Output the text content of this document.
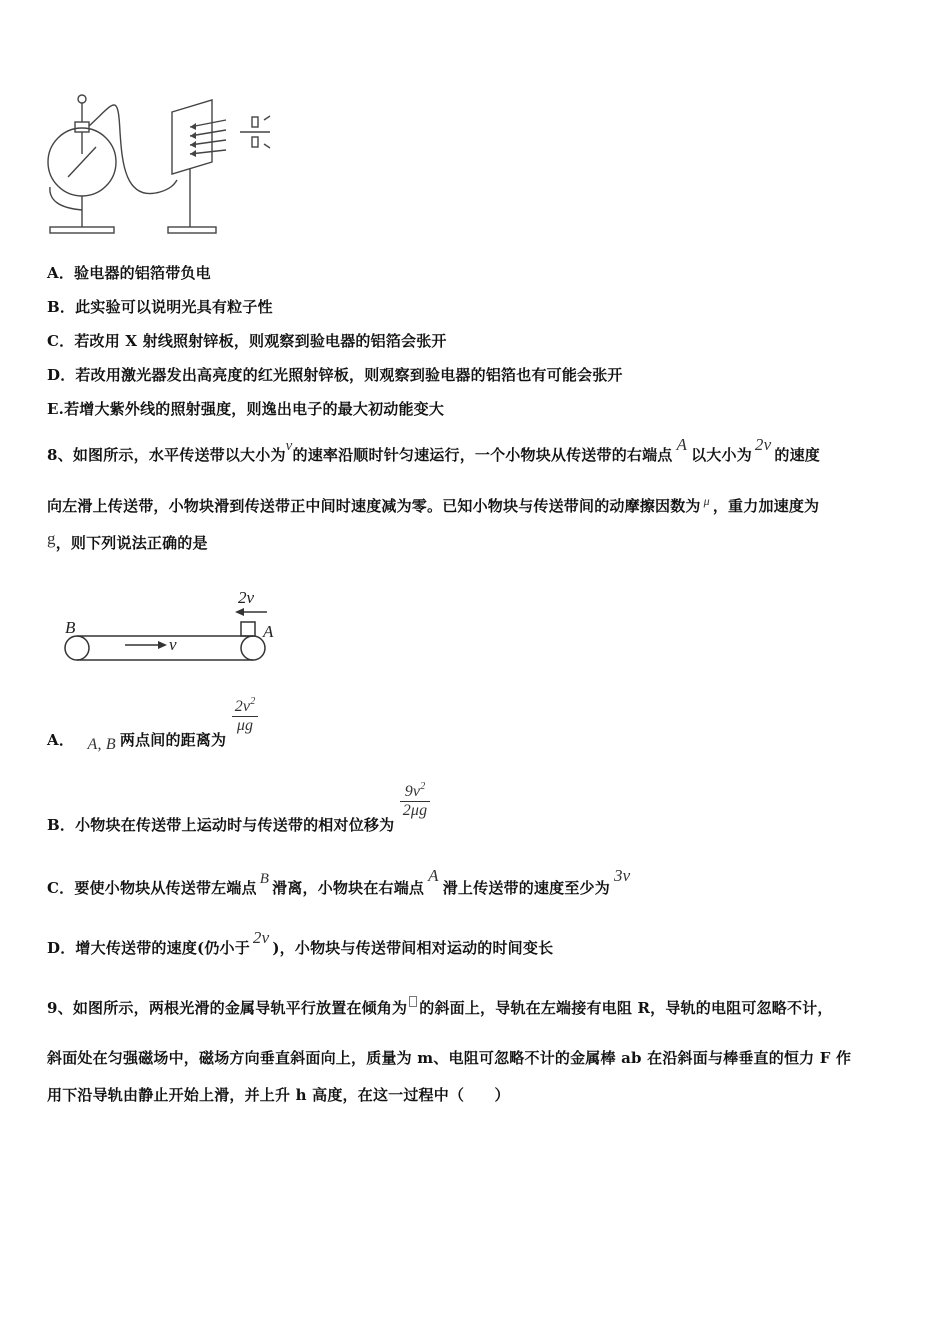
A．验电器的铝箔带负电
B．此实验可以说明光具有粒子性
C．若改用 X 射线照射锌板，则观察到验电器的铝箔会张开
D．若改用激光器发出高亮度的红光照射锌板，则观察到验电器的铝箔也有可能会张开
E.若增大紫外线的照射强度，则逸出电子的最大初动能变大
8、如图所示，水平传送带以大小为v的速率沿顺时针匀速运行，一个小物块从传送带的右端点A以大小为2v的速度
向左滑上传送带，小物块滑到传送带正中间时速度减为零。已知小物块与传送带间的动摩擦因数为 μ ，重力加速度为
g，则下列说法正确的是
B	A
v
2v
A． A, B 两点间的距离为
$\frac{2v^2}{\mu g}$
B．小物块在传送带上运动时与传送带的相对位移为
$\frac{9v^2}{2\mu g}$
C．要使小物块从传送带左端点 B 滑离，小物块在右端点A滑上传送带的速度至少为3v
D．增大传送带的速度(仍小于2v)，小物块与传送带间相对运动的时间变长
9、如图所示，两根光滑的金属导轨平行放置在倾角为 的斜面上，导轨在左端接有电阻 R，导轨的电阻可忽略不计，
斜面处在匀强磁场中，磁场方向垂直斜面向上，质量为 m、电阻可忽略不计的金属棒 ab 在沿斜面与棒垂直的恒力 F 作
用下沿导轨由静止开始上滑，并上升 h 高度，在这一过程中（　　）
